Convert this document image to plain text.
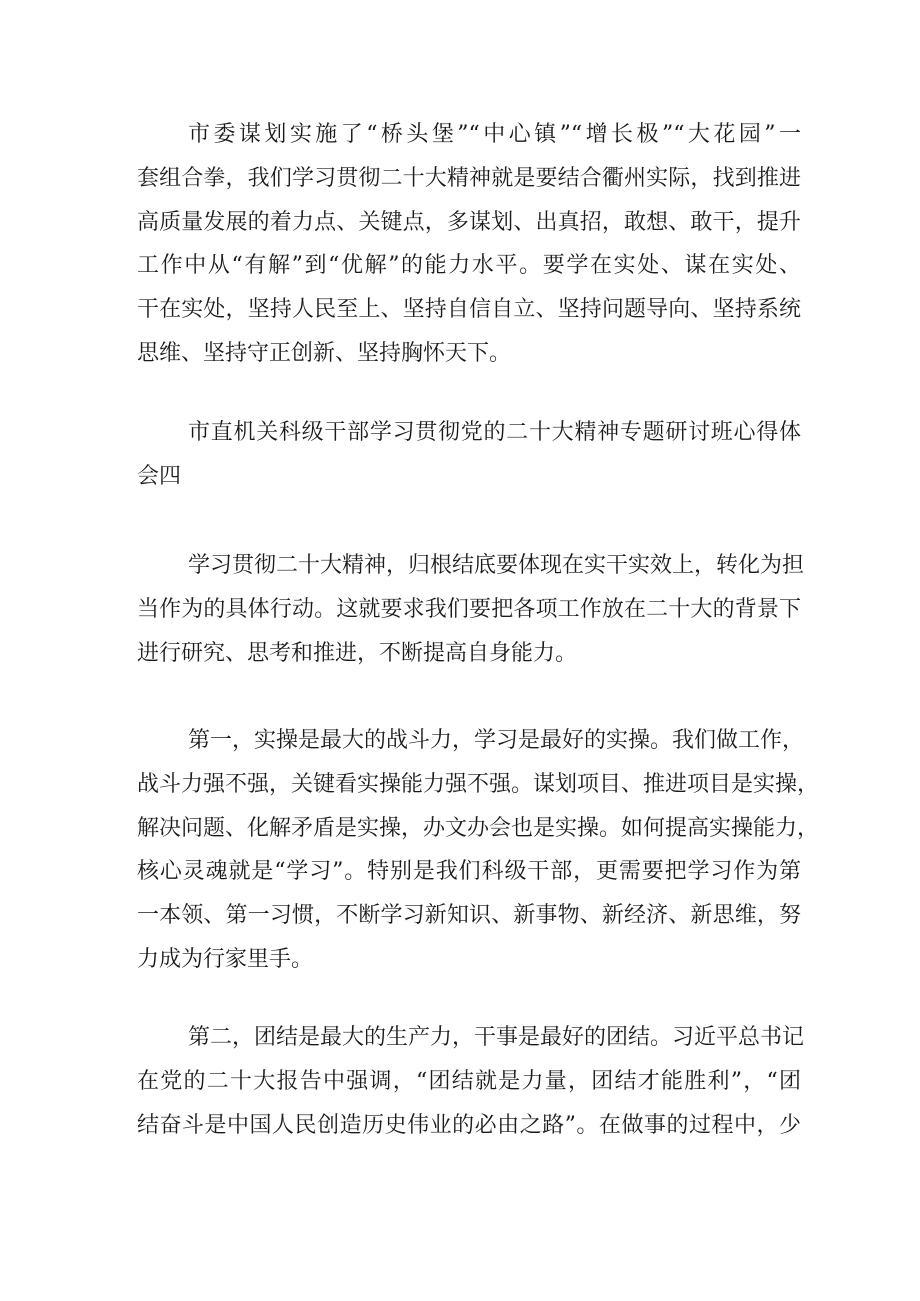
市委谋划实施了“桥头堡”“中心镇”“增长极”“大花园”一
套组合拳，我们学习贯彻二十大精神就是要结合衢州实际，找到推进
高质量发展的着力点、关键点，多谋划、出真招，敢想、敢干，提升
工作中从“有解”到“优解”的能力水平。要学在实处、谋在实处、
干在实处，坚持人民至上、坚持自信自立、坚持问题导向、坚持系统
思维、坚持守正创新、坚持胸怀天下。
市直机关科级干部学习贯彻党的二十大精神专题研讨班心得体
会四
学习贯彻二十大精神，归根结底要体现在实干实效上，转化为担
当作为的具体行动。这就要求我们要把各项工作放在二十大的背景下
进行研究、思考和推进，不断提高自身能力。
第一，实操是最大的战斗力，学习是最好的实操。我们做工作，
战斗力强不强，关键看实操能力强不强。谋划项目、推进项目是实操，
解决问题、化解矛盾是实操，办文办会也是实操。如何提高实操能力，
核心灵魂就是“学习”。特别是我们科级干部，更需要把学习作为第
一本领、第一习惯，不断学习新知识、新事物、新经济、新思维，努
力成为行家里手。
第二，团结是最大的生产力，干事是最好的团结。习近平总书记
在党的二十大报告中强调，“团结就是力量，团结才能胜利”，“团
结奋斗是中国人民创造历史伟业的必由之路”。在做事的过程中，少
